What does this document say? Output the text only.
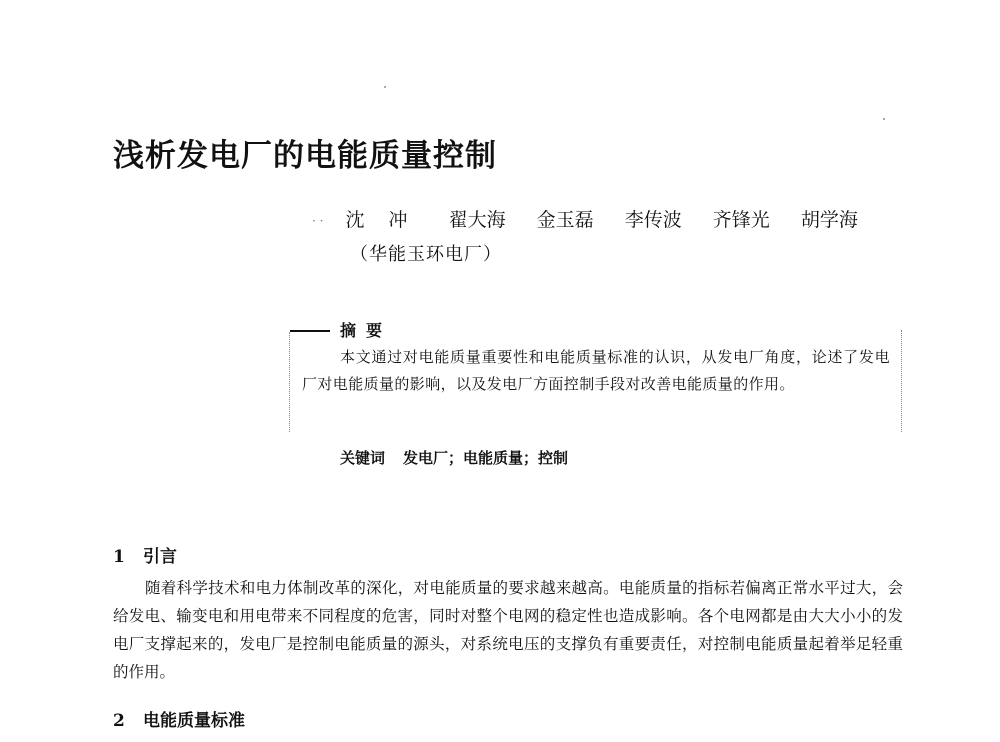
浅析发电厂的电能质量控制
· · 沈冲 翟大海 金玉磊 李传波 齐锋光 胡学海
（华能玉环电厂）
摘要
本文通过对电能质量重要性和电能质量标准的认识，从发电厂角度，论述了发电厂对电能质量的影响，以及发电厂方面控制手段对改善电能质量的作用。
关键词 发电厂；电能质量；控制
1 引言
随着科学技术和电力体制改革的深化，对电能质量的要求越来越高。电能质量的指标若偏离正常水平过大，会给发电、输变电和用电带来不同程度的危害，同时对整个电网的稳定性也造成影响。各个电网都是由大大小小的发电厂支撑起来的，发电厂是控制电能质量的源头，对系统电压的支撑负有重要责任，对控制电能质量起着举足轻重的作用。
2 电能质量标准
